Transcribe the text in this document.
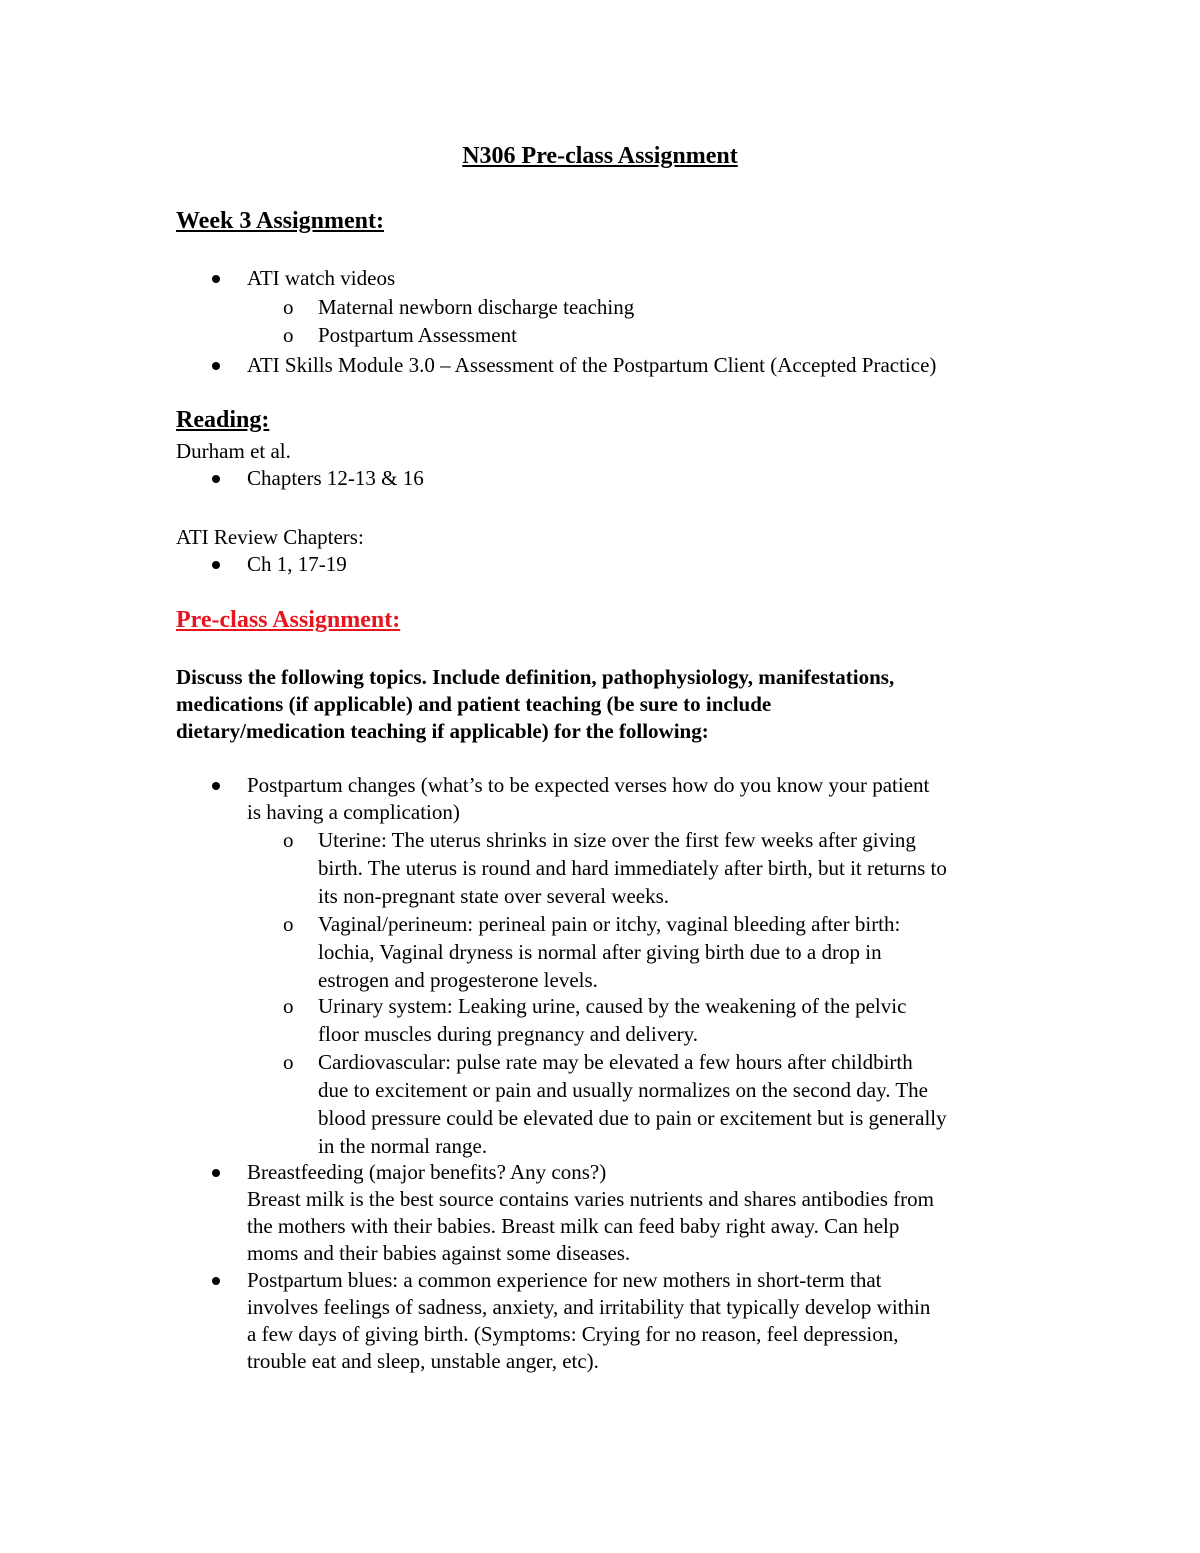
N306 Pre-class Assignment
Week 3 Assignment:
ATI watch videos
o Maternal newborn discharge teaching
o Postpartum Assessment
ATI Skills Module 3.0 – Assessment of the Postpartum Client (Accepted Practice)
Reading:
Durham et al.
Chapters 12-13 & 16
ATI Review Chapters:
Ch 1, 17-19
Pre-class Assignment:
Discuss the following topics. Include definition, pathophysiology, manifestations,
medications (if applicable) and patient teaching (be sure to include
dietary/medication teaching if applicable) for the following:
Postpartum changes (what’s to be expected verses how do you know your patient
is having a complication)
o Uterine: The uterus shrinks in size over the first few weeks after giving
birth. The uterus is round and hard immediately after birth, but it returns to
its non-pregnant state over several weeks.
o Vaginal/perineum: perineal pain or itchy, vaginal bleeding after birth:
lochia, Vaginal dryness is normal after giving birth due to a drop in
estrogen and progesterone levels.
o Urinary system: Leaking urine, caused by the weakening of the pelvic
floor muscles during pregnancy and delivery.
o Cardiovascular: pulse rate may be elevated a few hours after childbirth
due to excitement or pain and usually normalizes on the second day. The
blood pressure could be elevated due to pain or excitement but is generally
in the normal range.
Breastfeeding (major benefits? Any cons?)
Breast milk is the best source contains varies nutrients and shares antibodies from
the mothers with their babies. Breast milk can feed baby right away. Can help
moms and their babies against some diseases.
Postpartum blues: a common experience for new mothers in short-term that
involves feelings of sadness, anxiety, and irritability that typically develop within
a few days of giving birth. (Symptoms: Crying for no reason, feel depression,
trouble eat and sleep, unstable anger, etc).
